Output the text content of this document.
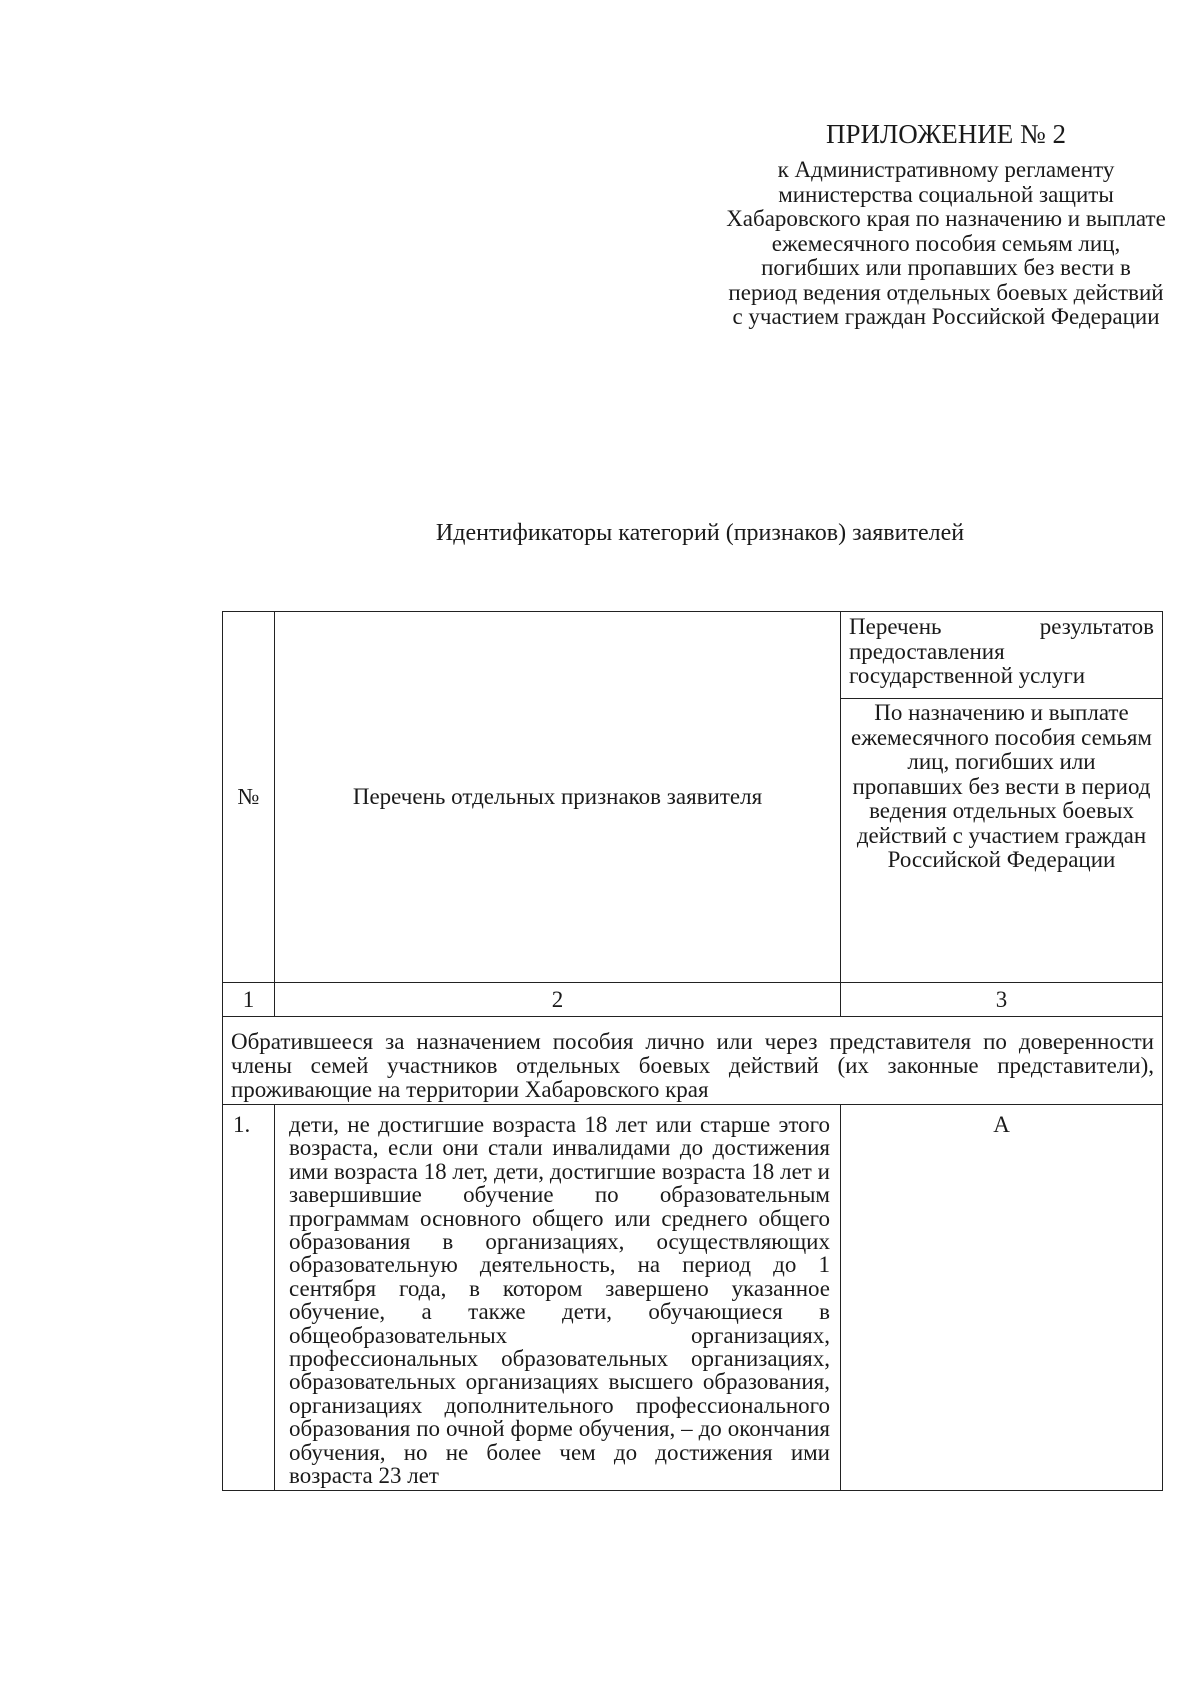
ПРИЛОЖЕНИЕ № 2
к Административному регламенту министерства социальной защиты Хабаровского края по назначению и выплате ежемесячного пособия семьям лиц, погибших или пропавших без вести в период ведения отдельных боевых действий с участием граждан Российской Федерации
Идентификаторы категорий (признаков) заявителей
№	Перечень отдельных признаков заявителя	Перечень результатов предоставления государственной услуги
		По назначению и выплате ежемесячного пособия семьям лиц, погибших или пропавших без вести в период ведения отдельных боевых действий с участием граждан Российской Федерации
1	2	3
Обратившееся за назначением пособия лично или через представителя по доверенности члены семей участников отдельных боевых действий (их законные представители), проживающие на территории Хабаровского края		
1.	дети, не достигшие возраста 18 лет или старше этого возраста, если они стали инвалидами до достижения ими возраста 18 лет, дети, достигшие возраста 18 лет и завершившие обучение по образовательным программам основного общего или среднего общего образования в организациях, осуществляющих образовательную деятельность, на период до 1 сентября года, в котором завершено указанное обучение, а также дети, обучающиеся в общеобразовательных организациях, профессиональных образовательных организациях, образовательных организациях высшего образования, организациях дополнительного профессионального образования по очной форме обучения, – до окончания обучения, но не более чем до достижения ими возраста 23 лет	А
